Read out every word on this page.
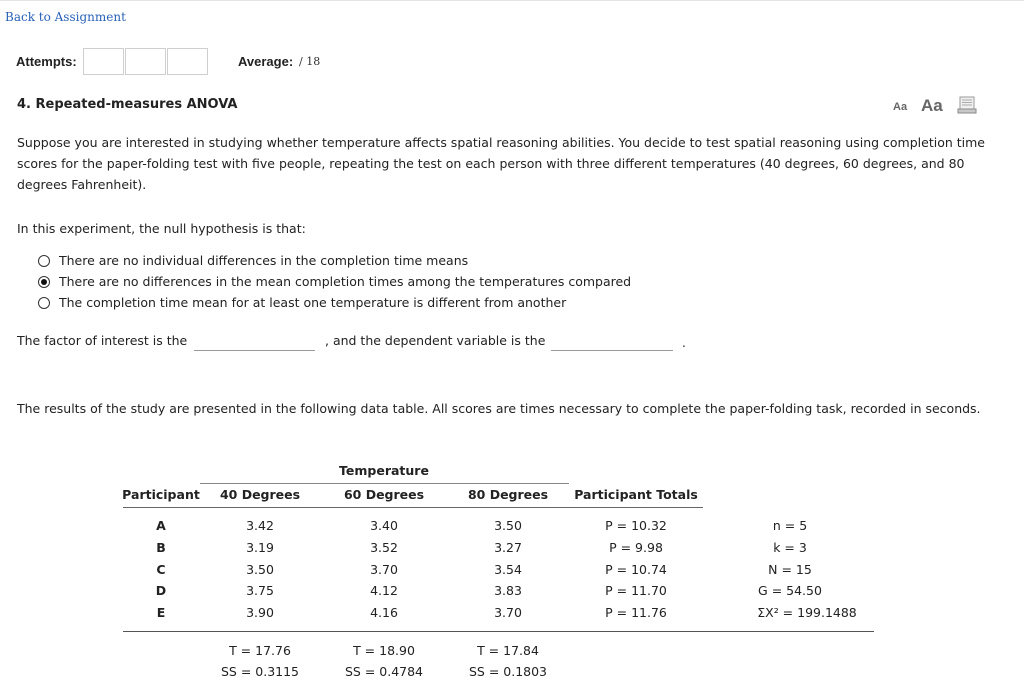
Back to Assignment
Attempts:	Average: / 18
4. Repeated-measures ANOVA	Aa Aa
Suppose you are interested in studying whether temperature affects spatial reasoning abilities. You decide to test spatial reasoning using completion time scores for the paper-folding test with five people, repeating the test on each person with three different temperatures (40 degrees, 60 degrees, and 80 degrees Fahrenheit).
In this experiment, the null hypothesis is that:
There are no individual differences in the completion time means
There are no differences in the mean completion times among the temperatures compared
The completion time mean for at least one temperature is different from another
The factor of interest is the	, and the dependent variable is the	.
The results of the study are presented in the following data table. All scores are times necessary to complete the paper-folding task, recorded in seconds.
Temperature
Participant 40 Degrees	60 Degrees	80 Degrees Participant Totals
A	3.42	3.40	3.50	P = 10.32	n = 5
B	3.19	3.52	3.27	P = 9.98	k = 3
C	3.50	3.70	3.54	P = 10.74	N = 15
D	3.75	4.12	3.83	P = 11.70	G = 54.50
E	3.90	4.16	3.70	P = 11.76	ΣX² = 199.1488
T = 17.76	T = 18.90	T = 17.84
SS = 0.3115	SS = 0.4784	SS = 0.1803
